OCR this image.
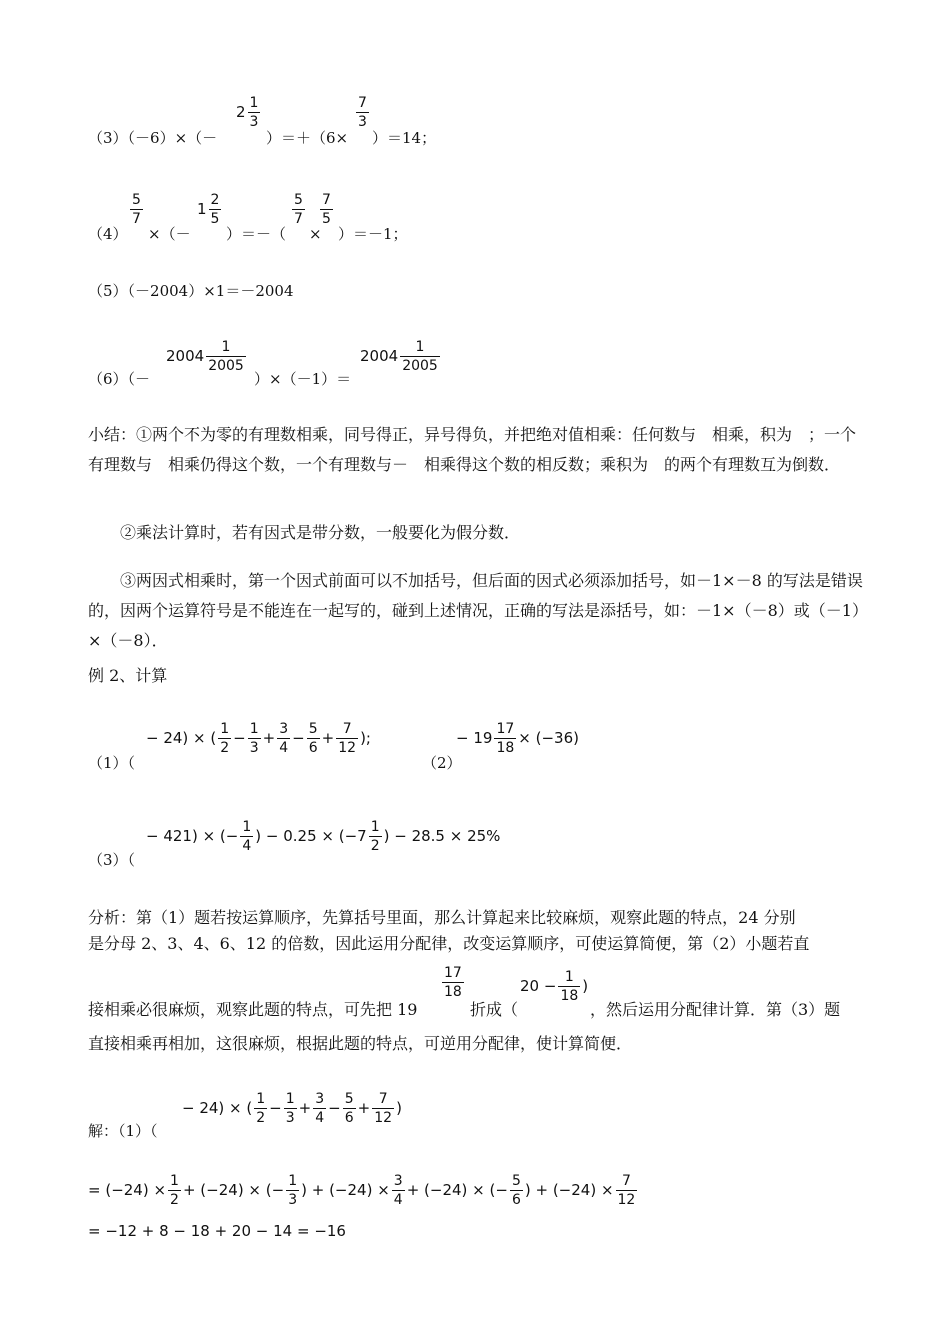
（3）（－6）×（－
$2 \frac{1}{3}$
）＝＋（6×
$\frac{7}{3}$
）＝14；
（4）
$\frac{5}{7}$
×（－
$1 \frac{2}{5}$
）＝－（
$\frac{5}{7}$
×
$\frac{7}{5}$
）＝－1；
（5）（－2004）×1＝－2004
（6）（－
$2004 \frac{1}{2005}$
）×（－1）＝
$2004 \frac{1}{2005}$

小结：①两个不为零的有理数相乘，同号得正，异号得负，并把绝对值相乘：任何数与　相乘，积为　；一个有理数与　相乘仍得这个数，一个有理数与－　相乘得这个数的相反数；乘积为　的两个有理数互为倒数．

②乘法计算时，若有因式是带分数，一般要化为假分数．

③两因式相乘时，第一个因式前面可以不加括号，但后面的因式必须添加括号，如－1×－8 的写法是错误的，因两个运算符号是不能连在一起写的，碰到上述情况，正确的写法是添括号，如：－1×（－8）或（－1）×（－8）．

例 2、计算
（1）（
− 24) × ( $\frac{1}{2} - \frac{1}{3} + \frac{3}{4} - \frac{5}{6} + \frac{7}{12}$ );
（2）
− $19 \frac{17}{18} \times (-36)$
（3）（
− 421) × (− $\frac{1}{4}$ ) − $0.25 \times (-7 \frac{1}{2}$ ) − 28.5 × 25%
分析：第（1）题若按运算顺序，先算括号里面，那么计算起来比较麻烦，观察此题的特点，24 分别
是分母 2、3、4、6、12 的倍数，因此运用分配律，改变运算顺序，可使运算简便，第（2）小题若直
接相乘必很麻烦，观察此题的特点，可先把 19
$\frac{17}{18}$
折成（
$20 - \frac{1}{18}$ )
，然后运用分配律计算．第（3）题
直接相乘再相加，这很麻烦，根据此题的特点，可逆用分配律，使计算简便．
解：（1）（
− 24) × ( $\frac{1}{2} - \frac{1}{3} + \frac{3}{4} - \frac{5}{6} + \frac{7}{12}$ )
= $(-24) \times \frac{1}{2} + (-24)$ × (− $\frac{1}{3}$ ) + $(-24) \times \frac{3}{4} + (-24)$ × (− $\frac{5}{6}$ ) + $(-24) \times \frac{7}{12}$
= −12 + 8 − 18 + 20 − 14 = −16
